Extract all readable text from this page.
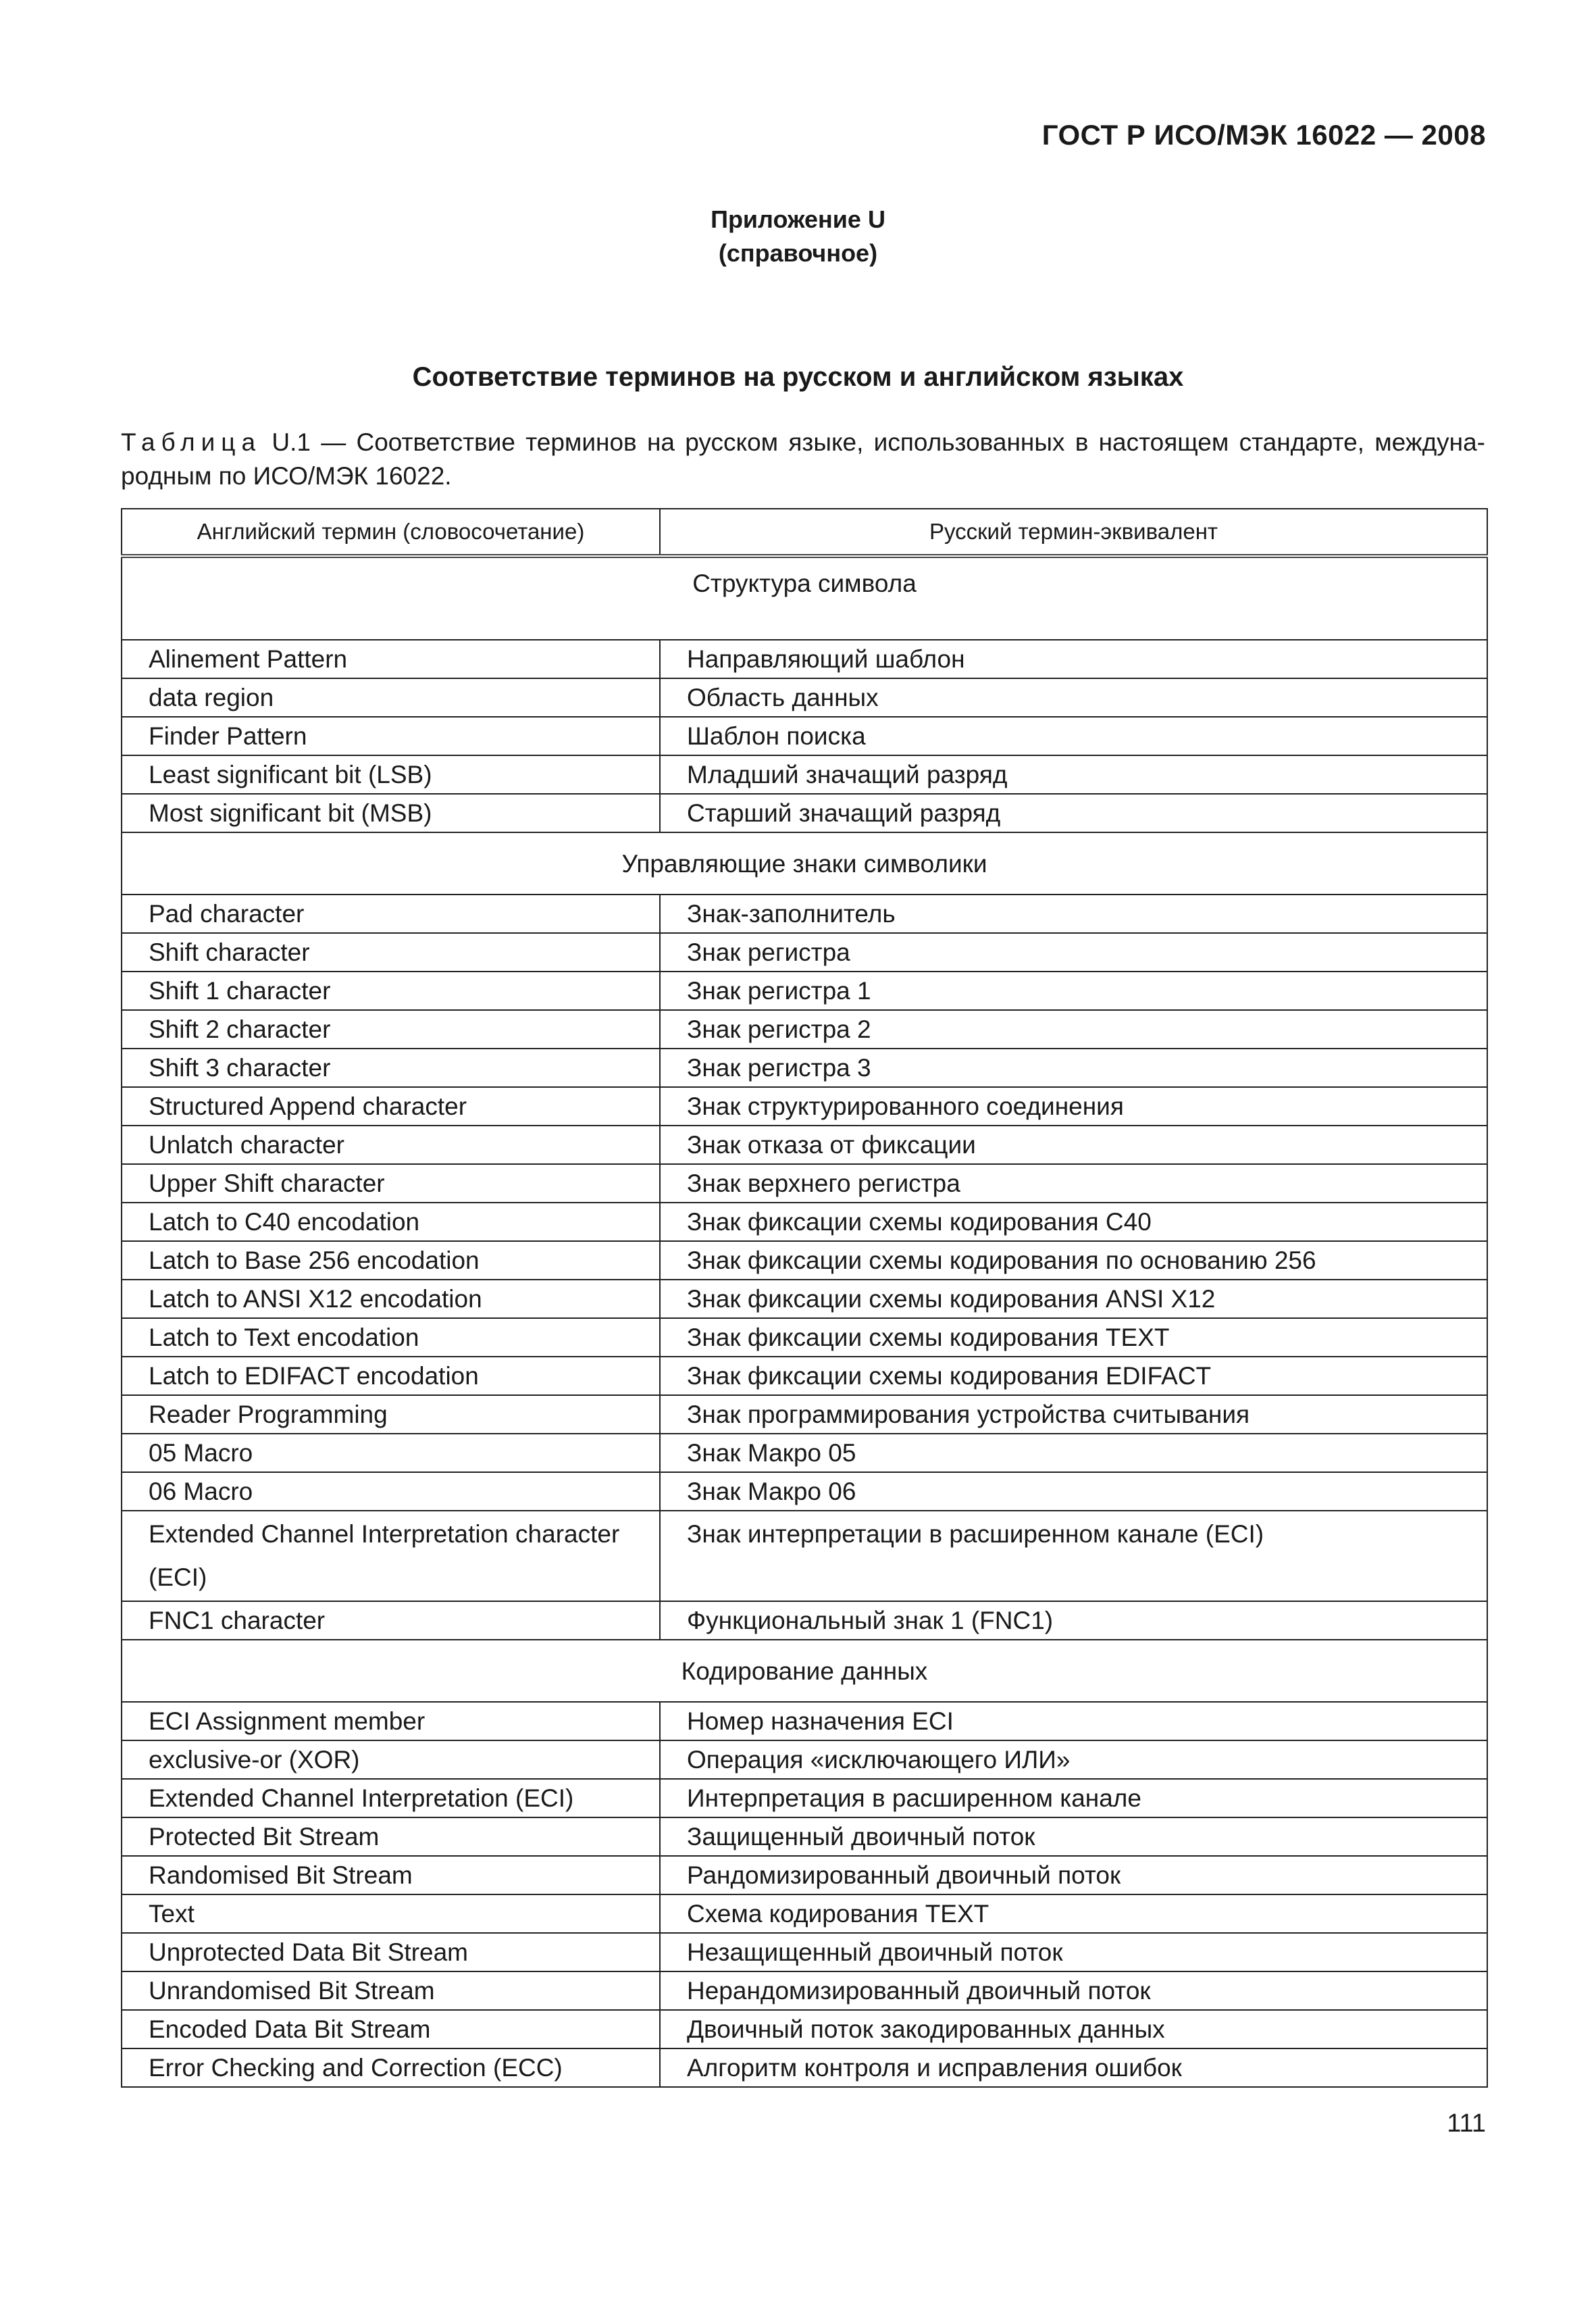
ГОСТ Р ИСО/МЭК 16022 — 2008
Приложение U
(справочное)
Соответствие терминов на русском и английском языках
Таблица U.1 — Соответствие терминов на русском языке, использованных в настоящем стандарте, междуна-родным по ИСО/МЭК 16022.
Английский термин (словосочетание)	Русский термин-эквивалент
Структура символа	
Alinement Pattern	Направляющий шаблон
data region	Область данных
Finder Pattern	Шаблон поиска
Least significant bit (LSB)	Младший значащий разряд
Most significant bit (MSB)	Старший значащий разряд
Управляющие знаки символики	
Pad character	Знак-заполнитель
Shift character	Знак регистра
Shift 1 character	Знак регистра 1
Shift 2 character	Знак регистра 2
Shift 3 character	Знак регистра 3
Structured Append character	Знак структурированного соединения
Unlatch character	Знак отказа от фиксации
Upper Shift character	Знак верхнего регистра
Latch to C40 encodation	Знак фиксации схемы кодирования C40
Latch to Base 256 encodation	Знак фиксации схемы кодирования по основанию 256
Latch to ANSI X12 encodation	Знак фиксации схемы кодирования ANSI X12
Latch to Text encodation	Знак фиксации схемы кодирования TEXT
Latch to EDIFACT encodation	Знак фиксации схемы кодирования EDIFACT
Reader Programming	Знак программирования устройства считывания
05 Macro	Знак Макро 05
06 Macro	Знак Макро 06
Extended Channel Interpretation character (ECI)	Знак интерпретации в расширенном канале (ECI)
FNC1 character	Функциональный знак 1 (FNC1)
Кодирование данных	
ECI Assignment member	Номер назначения ECI
exclusive-or (XOR)	Операция «исключающего ИЛИ»
Extended Channel Interpretation (ECI)	Интерпретация в расширенном канале
Protected Bit Stream	Защищенный двоичный поток
Randomised Bit Stream	Рандомизированный двоичный поток
Text	Схема кодирования TEXT
Unprotected Data Bit Stream	Незащищенный двоичный поток
Unrandomised Bit Stream	Нерандомизированный двоичный поток
Encoded Data Bit Stream	Двоичный поток закодированных данных
Error Checking and Correction (ECC)	Алгоритм контроля и исправления ошибок
111
